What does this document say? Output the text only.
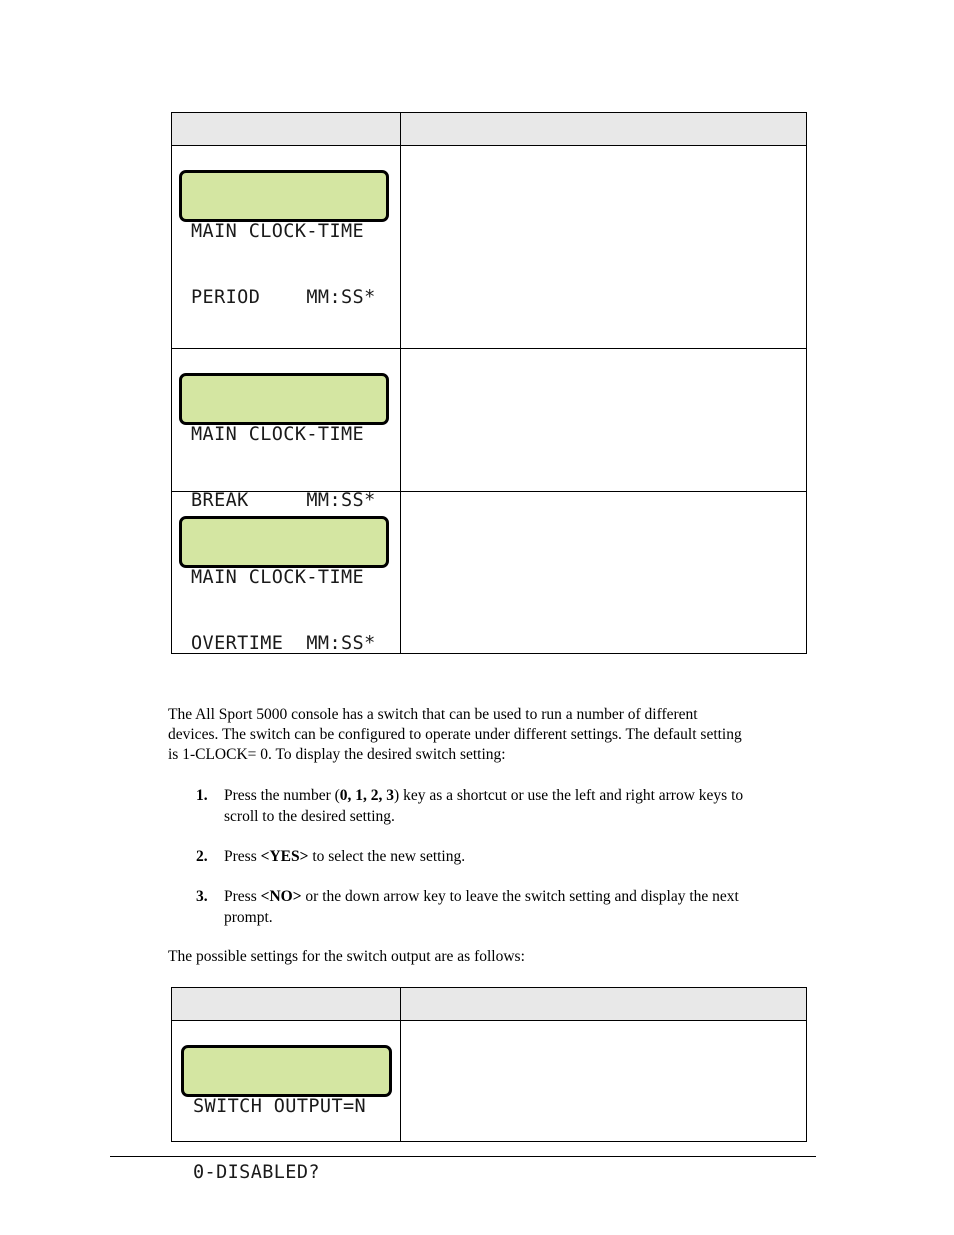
MAIN CLOCK-TIME

PERIOD    MM:SS*	

MAIN CLOCK-TIME

BREAK     MM:SS*	

MAIN CLOCK-TIME

OVERTIME  MM:SS*	

The All Sport 5000 console has a switch that can be used to run a number of different
devices. The switch can be configured to operate under different settings. The default setting
is 1-CLOCK= 0. To display the desired switch setting:
1. Press the number (0, 1, 2, 3) key as a shortcut or use the left and right arrow keys to
scroll to the desired setting.
2. Press <YES> to select the new setting.
3. Press <NO> or the down arrow key to leave the switch setting and display the next
prompt.
The possible settings for the switch output are as follows:

SWITCH OUTPUT=N

0-DISABLED?	
